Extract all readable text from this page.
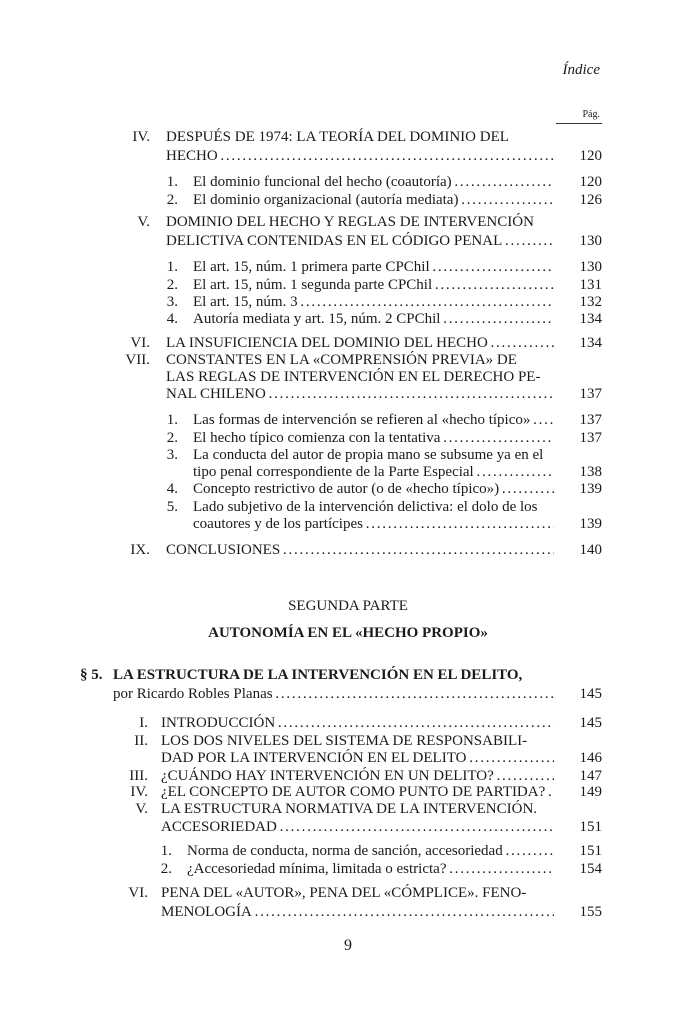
Índice
Pág.
IV. DESPUÉS DE 1974: LA TEORÍA DEL DOMINIO DEL
HECHO . . .	120
1. El dominio funcional del hecho (coautoría) . . .	120
2. El dominio organizacional (autoría mediata) . . .	126
V. DOMINIO DEL HECHO Y REGLAS DE INTERVENCIÓN
DELICTIVA CONTENIDAS EN EL CÓDIGO PENAL . . .	130
1. El art. 15, núm. 1 primera parte CPChil . . .	130
2. El art. 15, núm. 1 segunda parte CPChil . . .	131
3. El art. 15, núm. 3 . . .	132
4. Autoría mediata y art. 15, núm. 2 CPChil . . .	134
VI. LA INSUFICIENCIA DEL DOMINIO DEL HECHO . . .	134
VII. CONSTANTES EN LA «COMPRENSIÓN PREVIA» DE
LAS REGLAS DE INTERVENCIÓN EN EL DERECHO PE-
NAL CHILENO . . .	137
1. Las formas de intervención se refieren al «hecho típico» . . .	137
2. El hecho típico comienza con la tentativa . . .	137
3. La conducta del autor de propia mano se subsume ya en el
tipo penal correspondiente de la Parte Especial . . .	138
4. Concepto restrictivo de autor (o de «hecho típico») . . .	139
5. Lado subjetivo de la intervención delictiva: el dolo de los
coautores y de los partícipes . . .	139
IX. CONCLUSIONES . . .	140
SEGUNDA PARTE
AUTONOMÍA EN EL «HECHO PROPIO»
§ 5. LA ESTRUCTURA DE LA INTERVENCIÓN EN EL DELITO,
por Ricardo Robles Planas . . .	145
I. INTRODUCCIÓN . . .	145
II. LOS DOS NIVELES DEL SISTEMA DE RESPONSABILI-
DAD POR LA INTERVENCIÓN EN EL DELITO . . .	146
III. ¿CUÁNDO HAY INTERVENCIÓN EN UN DELITO? . . .	147
IV. ¿EL CONCEPTO DE AUTOR COMO PUNTO DE PARTIDA? . . .	149
V. LA ESTRUCTURA NORMATIVA DE LA INTERVENCIÓN.
ACCESORIEDAD . . .	151
1. Norma de conducta, norma de sanción, accesoriedad . . .	151
2. ¿Accesoriedad mínima, limitada o estricta? . . .	154
VI. PENA DEL «AUTOR», PENA DEL «CÓMPLICE». FENO-
MENOLOGÍA . . .	155
9
